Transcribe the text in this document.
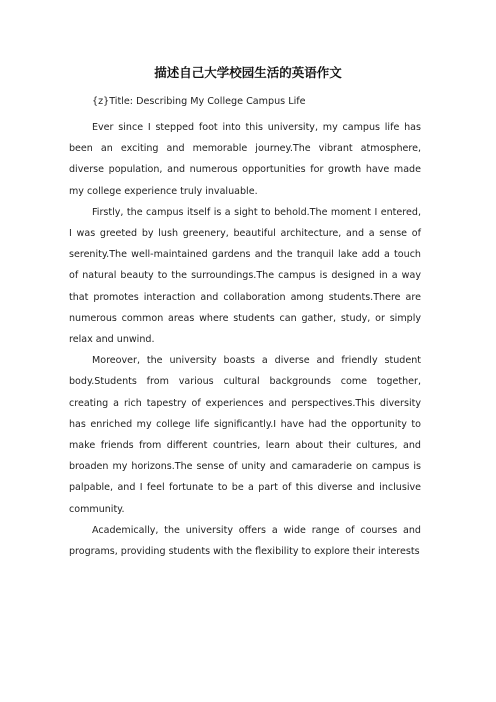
描述自己大学校园生活的英语作文
{z}Title: Describing My College Campus Life

Ever since I stepped foot into this university, my campus life has been an exciting and memorable journey.The vibrant atmosphere, diverse population, and numerous opportunities for growth have made my college experience truly invaluable.

Firstly, the campus itself is a sight to behold.The moment I entered, I was greeted by lush greenery, beautiful architecture, and a sense of serenity.The well-maintained gardens and the tranquil lake add a touch of natural beauty to the surroundings.The campus is designed in a way that promotes interaction and collaboration among students.There are numerous common areas where students can gather, study, or simply relax and unwind.

Moreover, the university boasts a diverse and friendly student body.Students from various cultural backgrounds come together, creating a rich tapestry of experiences and perspectives.This diversity has enriched my college life significantly.I have had the opportunity to make friends from different countries, learn about their cultures, and broaden my horizons.The sense of unity and camaraderie on campus is palpable, and I feel fortunate to be a part of this diverse and inclusive community.

Academically, the university offers a wide range of courses and programs, providing students with the flexibility to explore their interests
